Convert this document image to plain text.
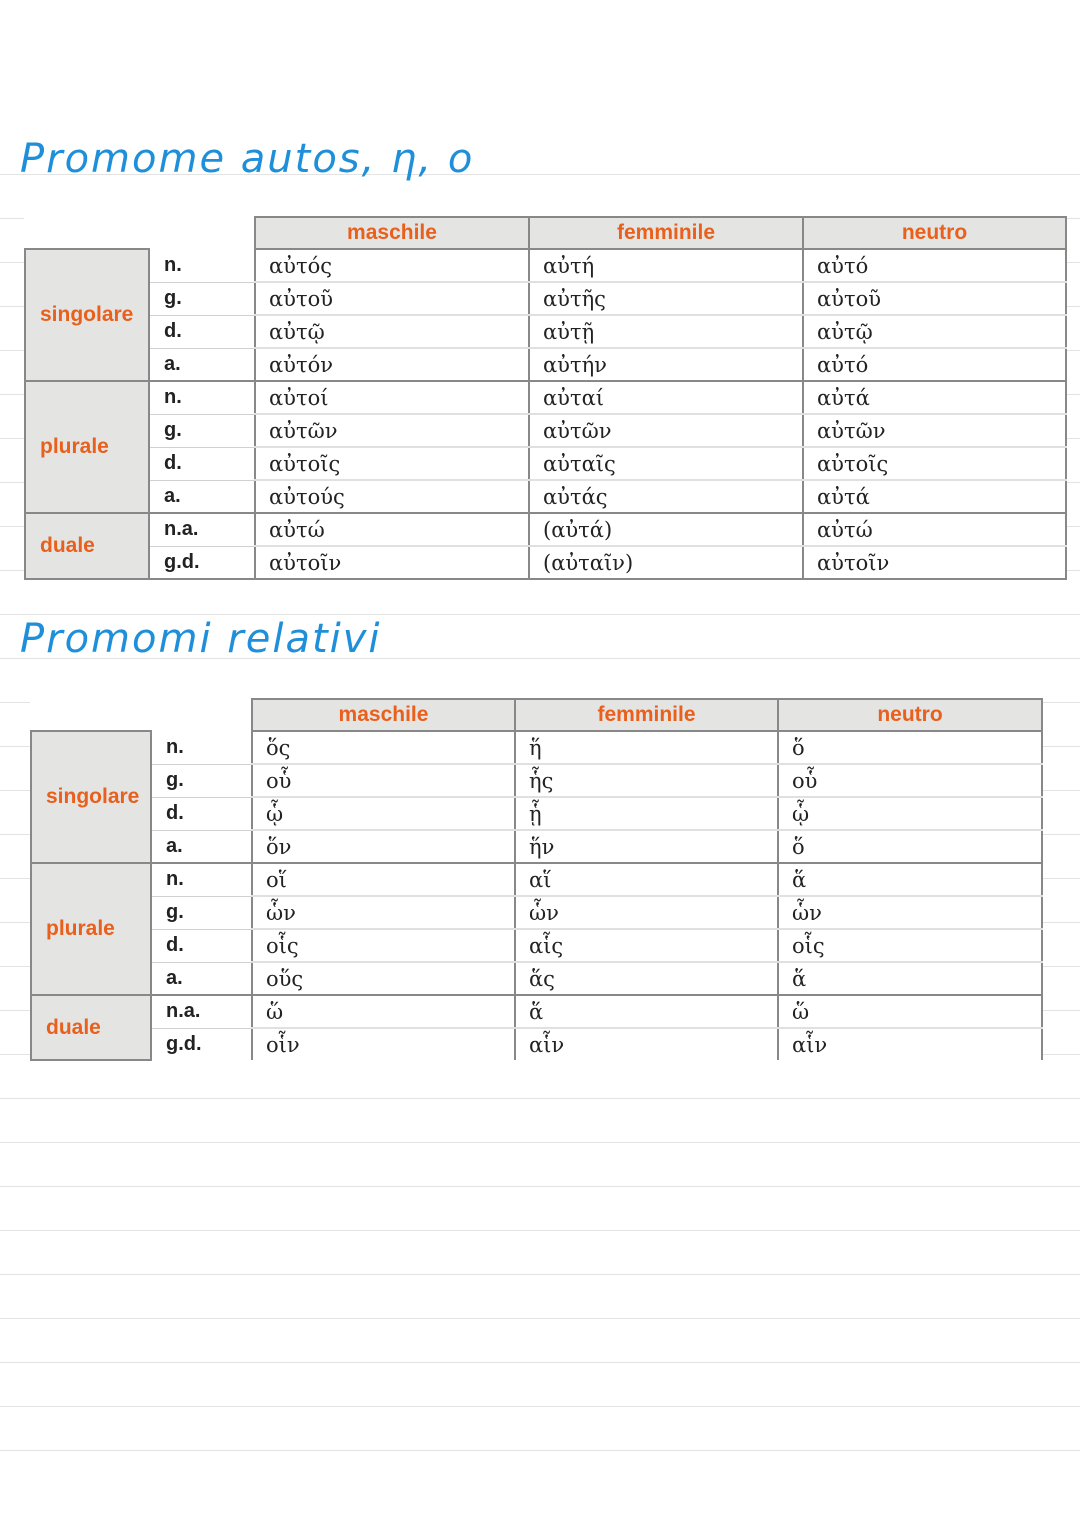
Promome autos, η, ο
		maschile	femminile	neutro
singolare	n.	αὐτός	αὐτή	αὐτό
	g.	αὐτοῦ	αὐτῆς	αὐτοῦ
	d.	αὐτῷ	αὐτῇ	αὐτῷ
	a.	αὐτόν	αὐτήν	αὐτό
plurale	n.	αὐτοί	αὐταί	αὐτά
	g.	αὐτῶν	αὐτῶν	αὐτῶν
	d.	αὐτοῖς	αὐταῖς	αὐτοῖς
	a.	αὐτούς	αὐτάς	αὐτά
duale	n.a.	αὐτώ	(αὐτά)	αὐτώ
	g.d.	αὐτοῖν	(αὐταῖν)	αὐτοῖν
Promomi relativi
		maschile	femminile	neutro
singolare	n.	ὅς	ἥ	ὅ
	g.	οὗ	ἧς	οὗ
	d.	ᾧ	ᾗ	ᾧ
	a.	ὅν	ἥν	ὅ
plurale	n.	οἵ	αἵ	ἅ
	g.	ὧν	ὧν	ὧν
	d.	οἷς	αἷς	οἷς
	a.	οὕς	ἅς	ἅ
duale	n.a.	ὥ	ἅ	ὥ
	g.d.	οἷν	αἷν	αἷν
